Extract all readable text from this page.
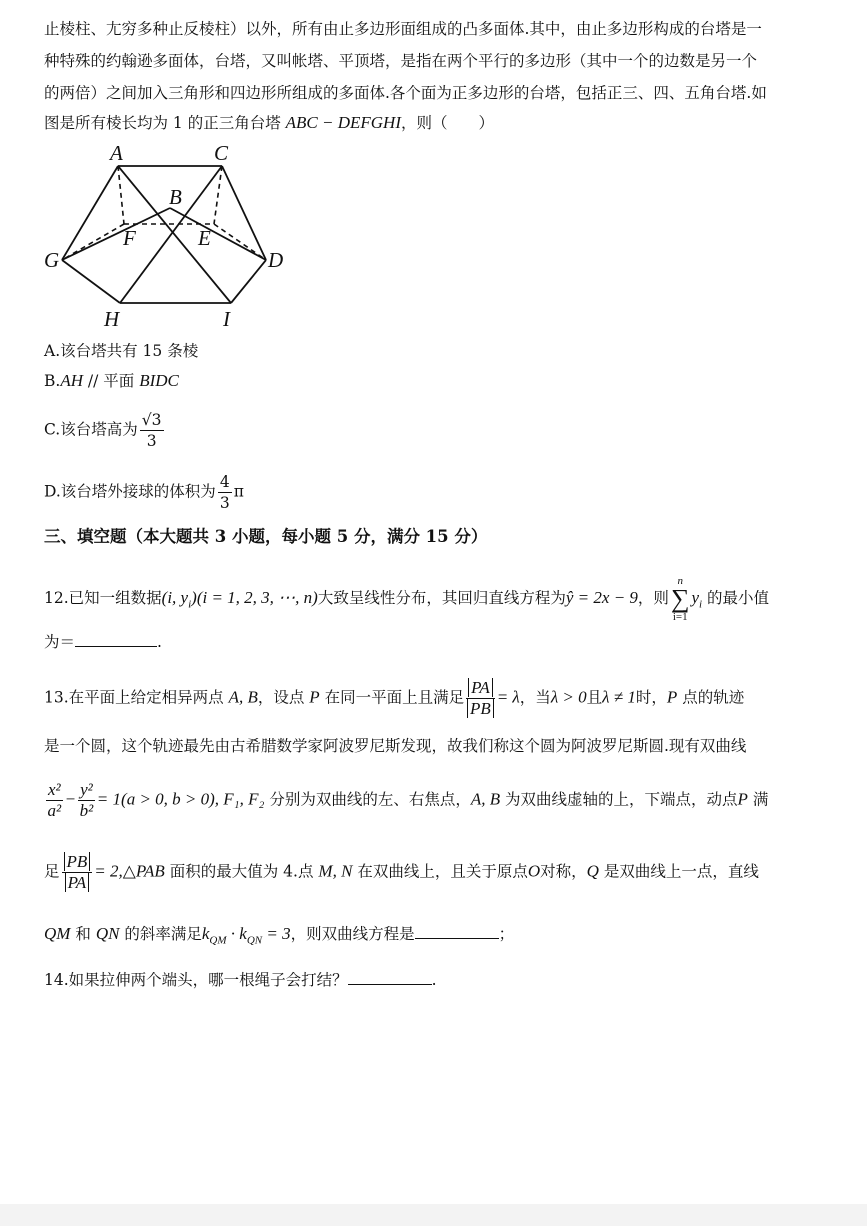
止棱柱、尢穷多种止反棱柱）以外，所有由止多边形面组成的凸多面体.其中，由止多边形构成的台塔是一
种特殊的约翰逊多面体，台塔，又叫帐塔、平顶塔，是指在两个平行的多边形（其中一个的边数是另一个
的两倍）之间加入三角形和四边形所组成的多面体.各个面为正多边形的台塔，包括正三、四、五角台塔.如
图是所有棱长均为 1 的正三角台塔 ABC − DEFGHI，则（　　）
A	C
B
F	E
G	D
H	I
A.该台塔共有 15 条棱
B.AH // 平面 BIDC
C.该台塔高为 $\frac{√3}{3}$
D.该台塔外接球的体积为 $\frac{4}{3}$ π
三、填空题（本大题共 3 小题，每小题 5 分，满分 15 分）
12.已知一组数据(i, $y_i)(i = 1$, 2, 3, ⋯, n)大致呈线性分布，其回归直线方程为ŷ = 2x − 9，则
n
∑
i=1
$y_i$ 的最小值
为＝	.
13.在平面上给定相异两点 A, B，设点 P 在同一平面上且满足 $\frac{PA}{PB} = \lambda$，当λ > 0且λ ≠ 1时，P 点的轨迹
是一个圆，这个轨迹最先由古希腊数学家阿波罗尼斯发现，故我们称这个圆为阿波罗尼斯圆.现有双曲线
$\frac{\text{x²}}{\text{a²}} - \frac{\text{y²}}{\text{b²}} = 1(a > 0$, b > 0), F₁, F₂ 分别为双曲线的左、右焦点，A, B 为双曲线虚轴的上，下端点，动点P 满
足 $\frac{PB}{PA}$ = 2,△PAB 面积的最大值为 4.点 M, N 在双曲线上，且关于原点O对称，Q 是双曲线上一点，直线
QM 和 QN 的斜率满足$k_{QM} \cdot k_{QN} = 3$，则双曲线方程是	；
14.如果拉伸两个端头，哪一根绳子会打结？	.
